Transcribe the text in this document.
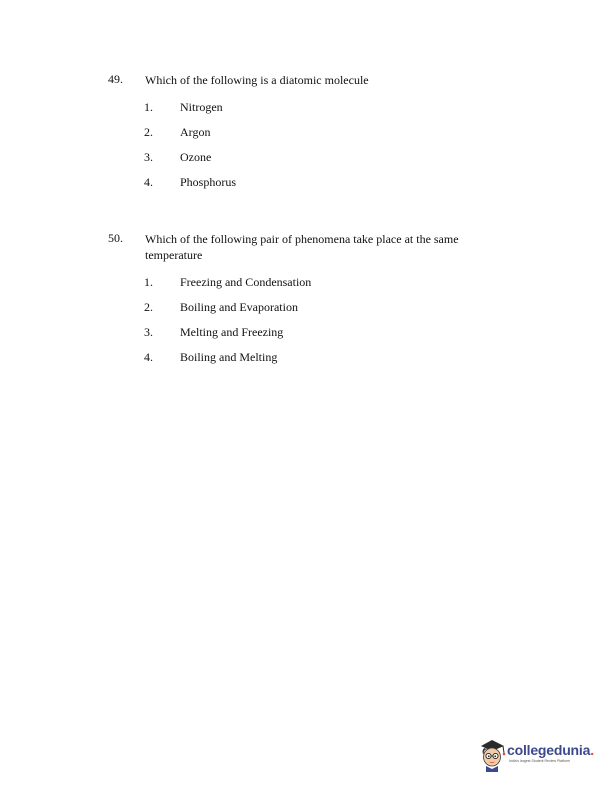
49. Which of the following is a diatomic molecule
1. Nitrogen
2. Argon
3. Ozone
4. Phosphorus
50. Which of the following pair of phenomena take place at the same temperature
1. Freezing and Condensation
2. Boiling and Evaporation
3. Melting and Freezing
4. Boiling and Melting
collegedunia.
India's largest Student Review Platform
